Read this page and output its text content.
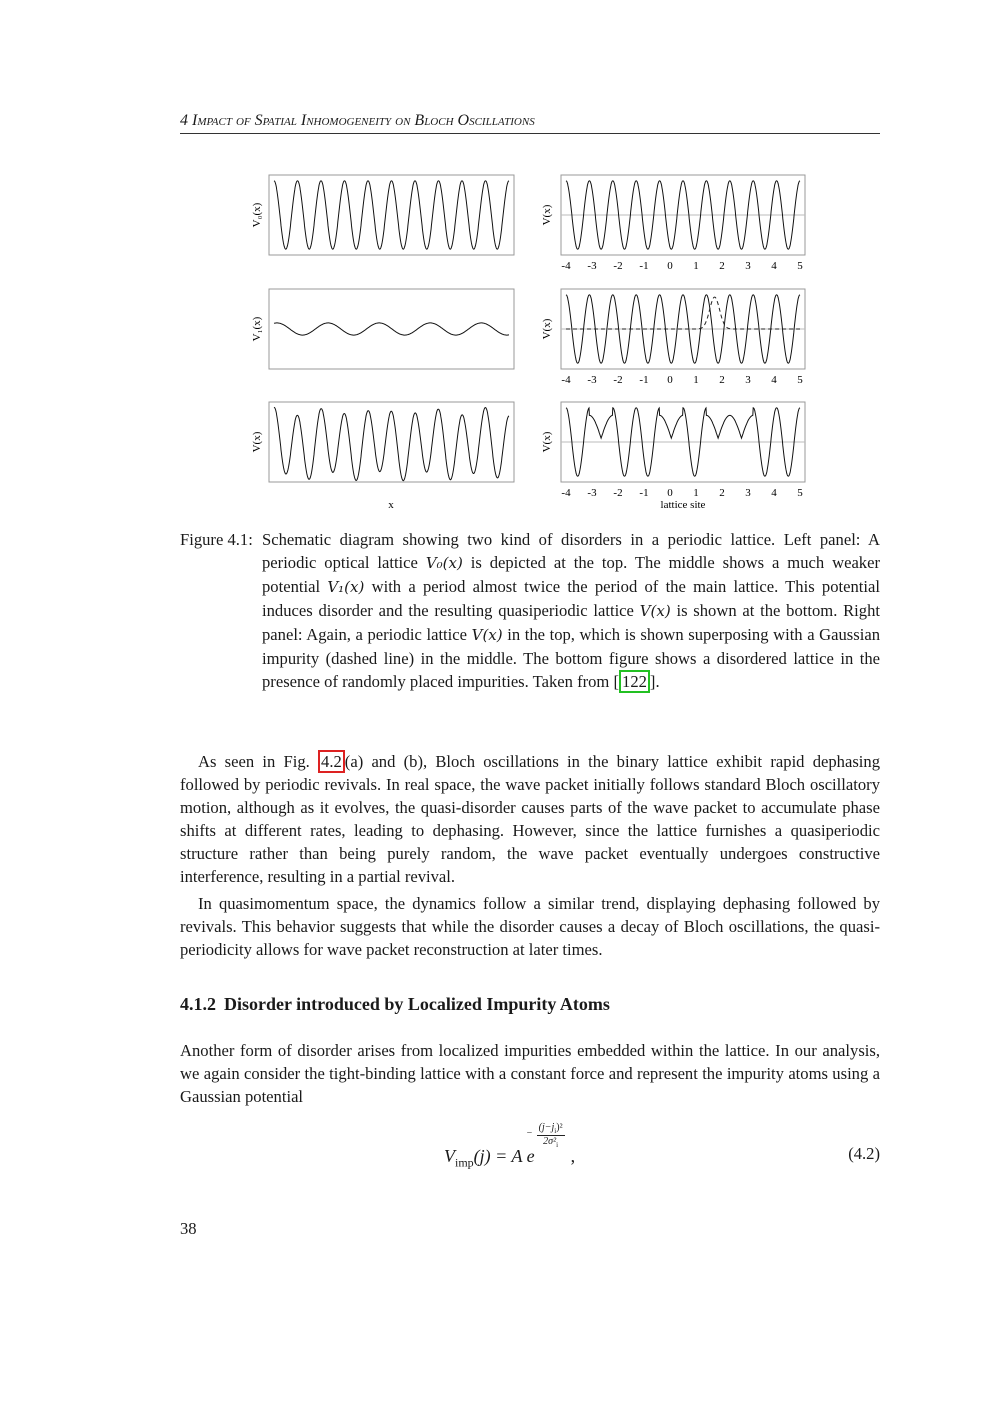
4 Impact of Spatial Inhomogeneity on Bloch Oscillations
V₀(x)
V₁(x)
V(x)
V(x)
-4 -3 -2 -1 0 1 2 3 4 5
V(x)
-4 -3 -2 -1 0 1 2 3 4 5
V(x)
-4 -3 -2 -1 0 1 2 3 4 5
x	lattice site
Figure 4.1: Schematic diagram showing two kind of disorders in a periodic lattice. Left panel: A periodic optical lattice V₀(x) is depicted at the top. The middle shows a much weaker potential V₁(x) with a period almost twice the period of the main lattice. This potential induces disorder and the resulting quasiperiodic lattice V(x) is shown at the bottom. Right panel: Again, a periodic lattice V(x) in the top, which is shown superposing with a Gaussian impurity (dashed line) in the middle. The bottom figure shows a disordered lattice in the presence of randomly placed impurities. Taken from [ 122 ].

As seen in Fig. 4.2 (a) and (b), Bloch oscillations in the binary lattice exhibit rapid dephasing followed by periodic revivals. In real space, the wave packet initially follows standard Bloch oscillatory motion, although as it evolves, the quasi-disorder causes parts of the wave packet to accumulate phase shifts at different rates, leading to dephasing. However, since the lattice furnishes a quasiperiodic structure rather than being purely random, the wave packet eventually undergoes constructive interference, resulting in a partial revival.

In quasimomentum space, the dynamics follow a similar trend, displaying dephasing followed by revivals. This behavior suggests that while the disorder causes a decay of Bloch oscillations, the quasi-periodicity allows for wave packet reconstruction at later times.

4.1.2 Disorder introduced by Localized Impurity Atoms

Another form of disorder arises from localized impurities embedded within the lattice. In our analysis, we again consider the tight-binding lattice with a constant force and represent the impurity atoms using a Gaussian potential

$V_{imp}(j) = A$ e
−
$(j-j_i)^2$
$2\sigma^2_i$
,	(4.2)
38
